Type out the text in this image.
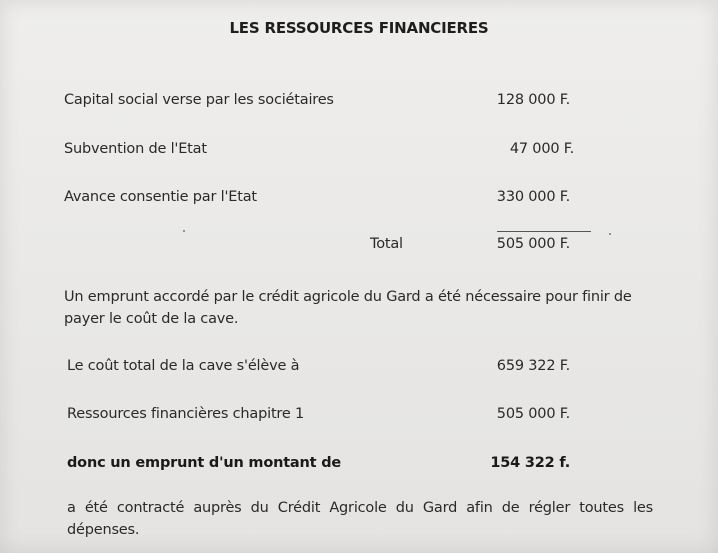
LES RESSOURCES FINANCIERES
Capital social verse par les sociétaires	128 000 F.
Subvention de l'Etat	47 000 F.
Avance consentie par l'Etat	330 000 F.
Total	505 000 F.
Un emprunt accordé par le crédit agricole du Gard a été nécessaire pour finir de payer le coût de la cave.
Le coût total de la cave s'élève à	659 322 F.
Ressources financières chapitre 1	505 000 F.
donc un emprunt d'un montant de	154 322 f.
a été contracté auprès du Crédit Agricole du Gard afin de régler toutes les dépenses.
